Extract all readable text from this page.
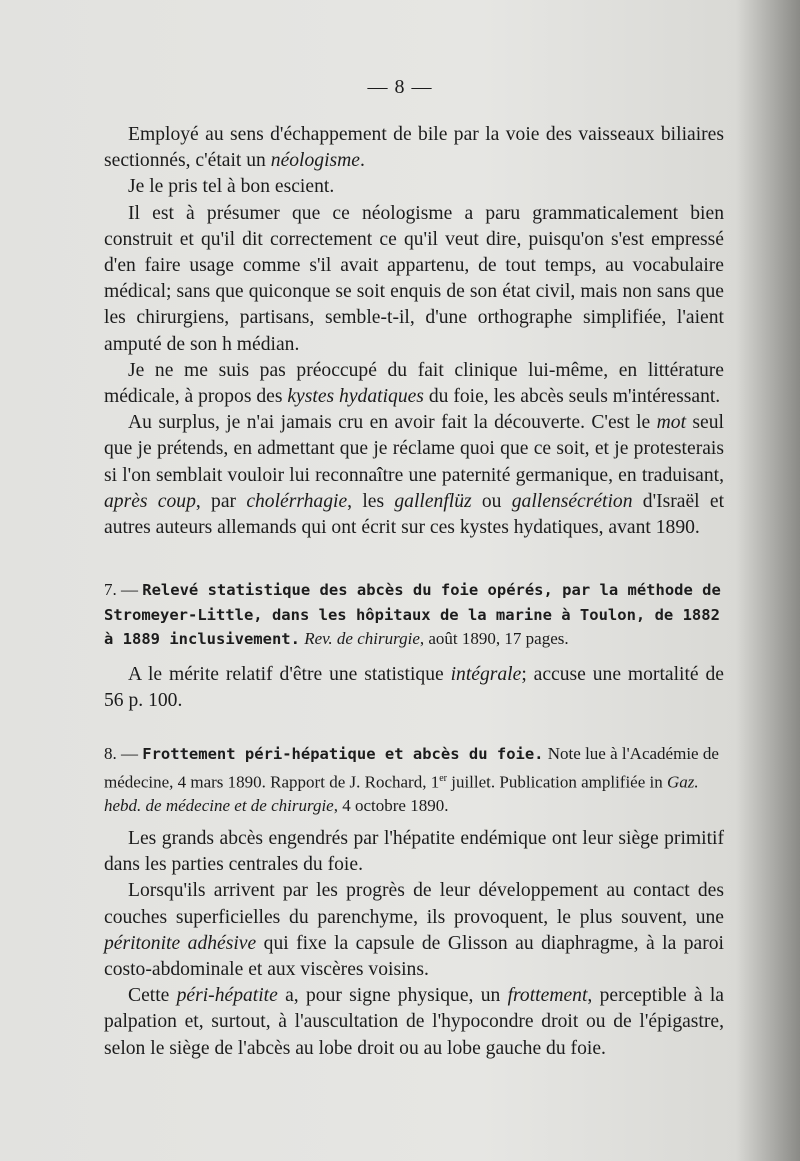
— 8 —

Employé au sens d'échappement de bile par la voie des vaisseaux biliaires sectionnés, c'était un néologisme.

Je le pris tel à bon escient.

Il est à présumer que ce néologisme a paru grammaticalement bien construit et qu'il dit correctement ce qu'il veut dire, puisqu'on s'est empressé d'en faire usage comme s'il avait appartenu, de tout temps, au vocabulaire médical; sans que quiconque se soit enquis de son état civil, mais non sans que les chirurgiens, partisans, semble-t-il, d'une orthographe simplifiée, l'aient amputé de son h médian.

Je ne me suis pas préoccupé du fait clinique lui-même, en littérature médicale, à propos des kystes hydatiques du foie, les abcès seuls m'intéressant.

Au surplus, je n'ai jamais cru en avoir fait la découverte. C'est le mot seul que je prétends, en admettant que je réclame quoi que ce soit, et je protesterais si l'on semblait vouloir lui reconnaître une paternité germanique, en traduisant, après coup, par cholérrhagie, les gallenflüz ou gallensécrétion d'Israël et autres auteurs allemands qui ont écrit sur ces kystes hydatiques, avant 1890.

7. — Relevé statistique des abcès du foie opérés, par la méthode de Stromeyer-Little, dans les hôpitaux de la marine à Toulon, de 1882 à 1889 inclusivement. Rev. de chirurgie, août 1890, 17 pages.

A le mérite relatif d'être une statistique intégrale; accuse une mortalité de 56 p. 100.

8. — Frottement péri-hépatique et abcès du foie. Note lue à l'Académie de médecine, 4 mars 1890. Rapport de J. Rochard, 1er juillet. Publication amplifiée in Gaz. hebd. de médecine et de chirurgie, 4 octobre 1890.

Les grands abcès engendrés par l'hépatite endémique ont leur siège primitif dans les parties centrales du foie.

Lorsqu'ils arrivent par les progrès de leur développement au contact des couches superficielles du parenchyme, ils provoquent, le plus souvent, une péritonite adhésive qui fixe la capsule de Glisson au diaphragme, à la paroi costo-abdominale et aux viscères voisins.

Cette péri-hépatite a, pour signe physique, un frottement, perceptible à la palpation et, surtout, à l'auscultation de l'hypocondre droit ou de l'épigastre, selon le siège de l'abcès au lobe droit ou au lobe gauche du foie.
